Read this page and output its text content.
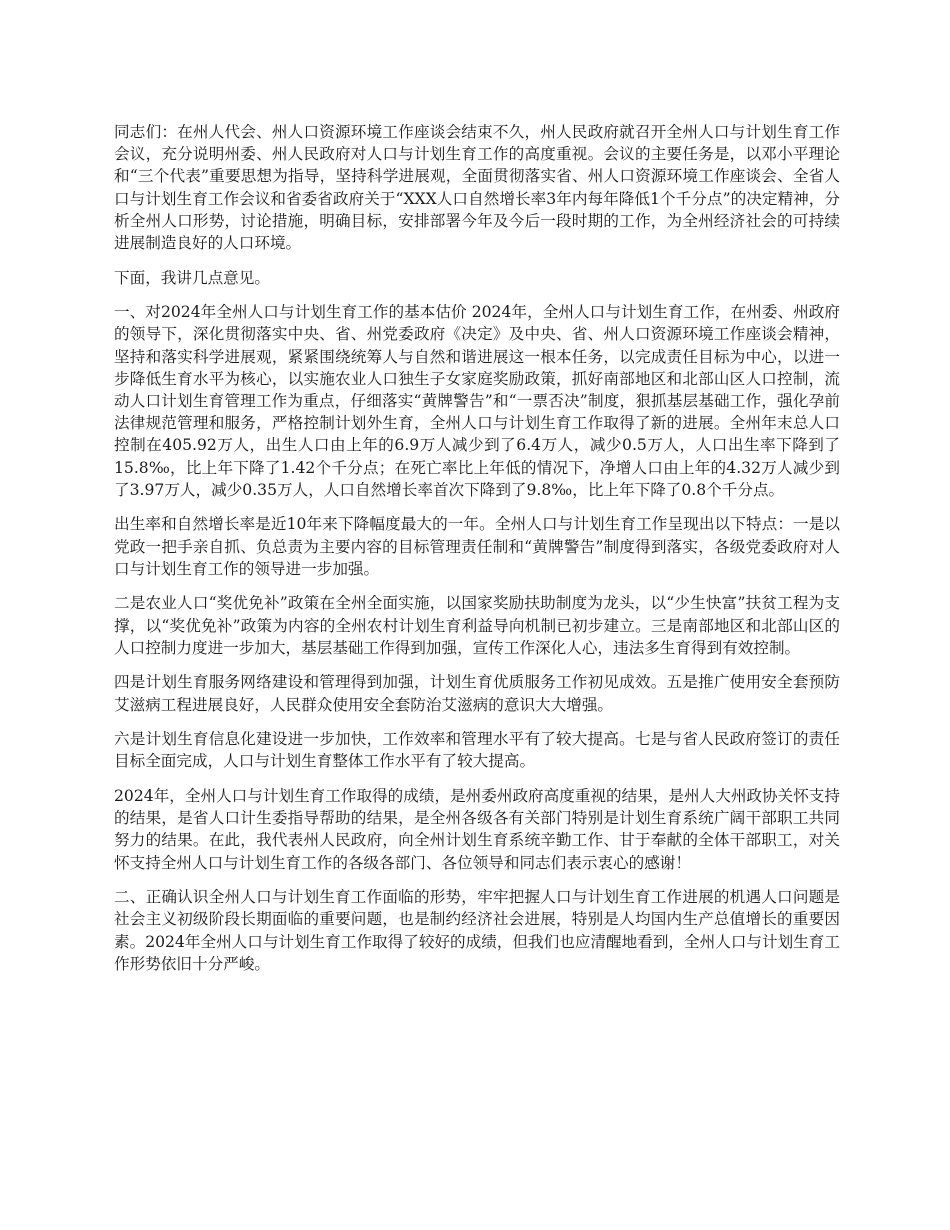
同志们：在州人代会、州人口资源环境工作座谈会结束不久，州人民政府就召开全州人口与计划生育工作会议，充分说明州委、州人民政府对人口与计划生育工作的高度重视。会议的主要任务是，以邓小平理论和“三个代表”重要思想为指导，坚持科学进展观，全面贯彻落实省、州人口资源环境工作座谈会、全省人口与计划生育工作会议和省委省政府关于“XXX人口自然增长率3年内每年降低1个千分点”的决定精神，分析全州人口形势，讨论措施，明确目标，安排部署今年及今后一段时期的工作，为全州经济社会的可持续进展制造良好的人口环境。

下面，我讲几点意见。

一、对2024年全州人口与计划生育工作的基本估价 2024年，全州人口与计划生育工作，在州委、州政府的领导下，深化贯彻落实中央、省、州党委政府《决定》及中央、省、州人口资源环境工作座谈会精神，坚持和落实科学进展观，紧紧围绕统筹人与自然和谐进展这一根本任务，以完成责任目标为中心，以进一步降低生育水平为核心，以实施农业人口独生子女家庭奖励政策，抓好南部地区和北部山区人口控制，流动人口计划生育管理工作为重点，仔细落实“黄牌警告”和“一票否决”制度，狠抓基层基础工作，强化孕前法律规范管理和服务，严格控制计划外生育，全州人口与计划生育工作取得了新的进展。全州年末总人口控制在405.92万人，出生人口由上年的6.9万人减少到了6.4万人，减少0.5万人，人口出生率下降到了15.8‰，比上年下降了1.42个千分点；在死亡率比上年低的情况下，净增人口由上年的4.32万人减少到了3.97万人，减少0.35万人，人口自然增长率首次下降到了9.8‰，比上年下降了0.8个千分点。

出生率和自然增长率是近10年来下降幅度最大的一年。全州人口与计划生育工作呈现出以下特点：一是以党政一把手亲自抓、负总责为主要内容的目标管理责任制和“黄牌警告”制度得到落实，各级党委政府对人口与计划生育工作的领导进一步加强。

二是农业人口“奖优免补”政策在全州全面实施，以国家奖励扶助制度为龙头，以“少生快富”扶贫工程为支撑，以“奖优免补”政策为内容的全州农村计划生育利益导向机制已初步建立。三是南部地区和北部山区的人口控制力度进一步加大，基层基础工作得到加强，宣传工作深化人心，违法多生育得到有效控制。

四是计划生育服务网络建设和管理得到加强，计划生育优质服务工作初见成效。五是推广使用安全套预防艾滋病工程进展良好，人民群众使用安全套防治艾滋病的意识大大增强。

六是计划生育信息化建设进一步加快，工作效率和管理水平有了较大提高。七是与省人民政府签订的责任目标全面完成，人口与计划生育整体工作水平有了较大提高。

2024年，全州人口与计划生育工作取得的成绩，是州委州政府高度重视的结果，是州人大州政协关怀支持的结果，是省人口计生委指导帮助的结果，是全州各级各有关部门特别是计划生育系统广阔干部职工共同努力的结果。在此，我代表州人民政府，向全州计划生育系统辛勤工作、甘于奉献的全体干部职工，对关怀支持全州人口与计划生育工作的各级各部门、各位领导和同志们表示衷心的感谢！

二、正确认识全州人口与计划生育工作面临的形势，牢牢把握人口与计划生育工作进展的机遇人口问题是社会主义初级阶段长期面临的重要问题，也是制约经济社会进展，特别是人均国内生产总值增长的重要因素。2024年全州人口与计划生育工作取得了较好的成绩，但我们也应清醒地看到，全州人口与计划生育工作形势依旧十分严峻。
